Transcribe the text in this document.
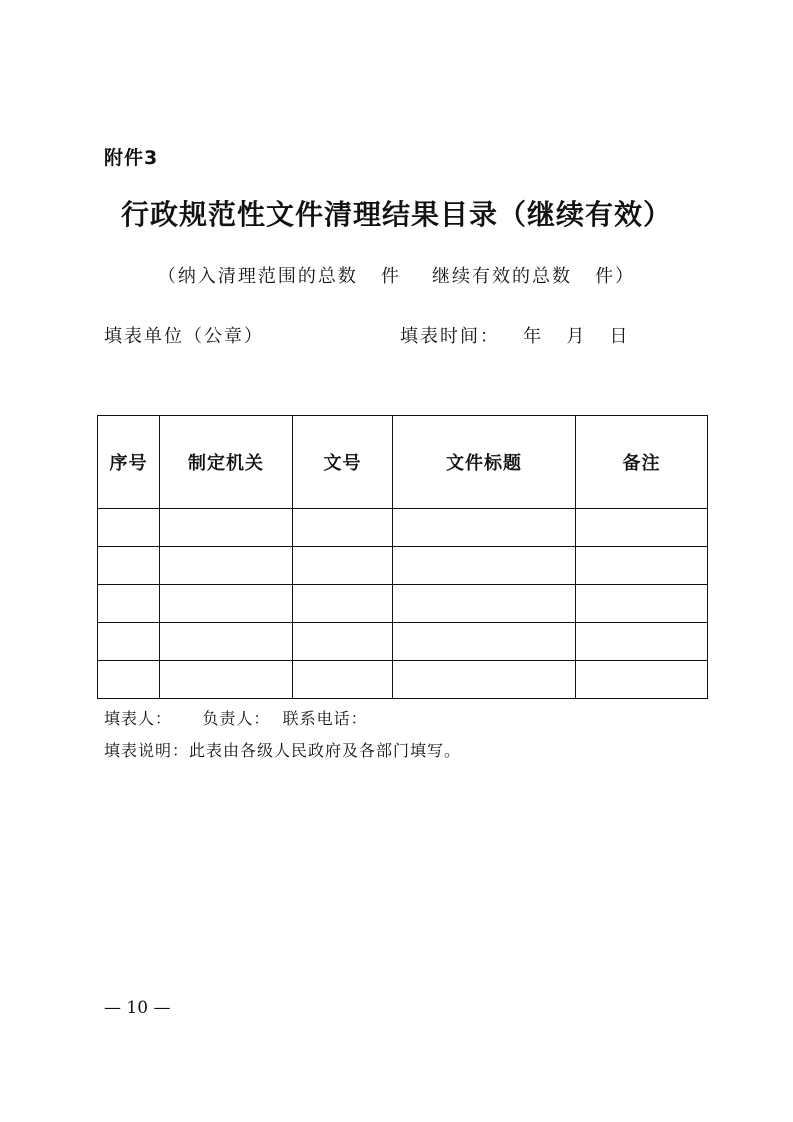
附件3
行政规范性文件清理结果目录（继续有效）
（纳入清理范围的总数   件    继续有效的总数   件）

填表单位（公章）

	填表时间：   年   月   日

序号	制定机关	文号	文件标题	备注

填表人：     负责人：  联系电话：
填表说明：此表由各级人民政府及各部门填写。
— 10 —
